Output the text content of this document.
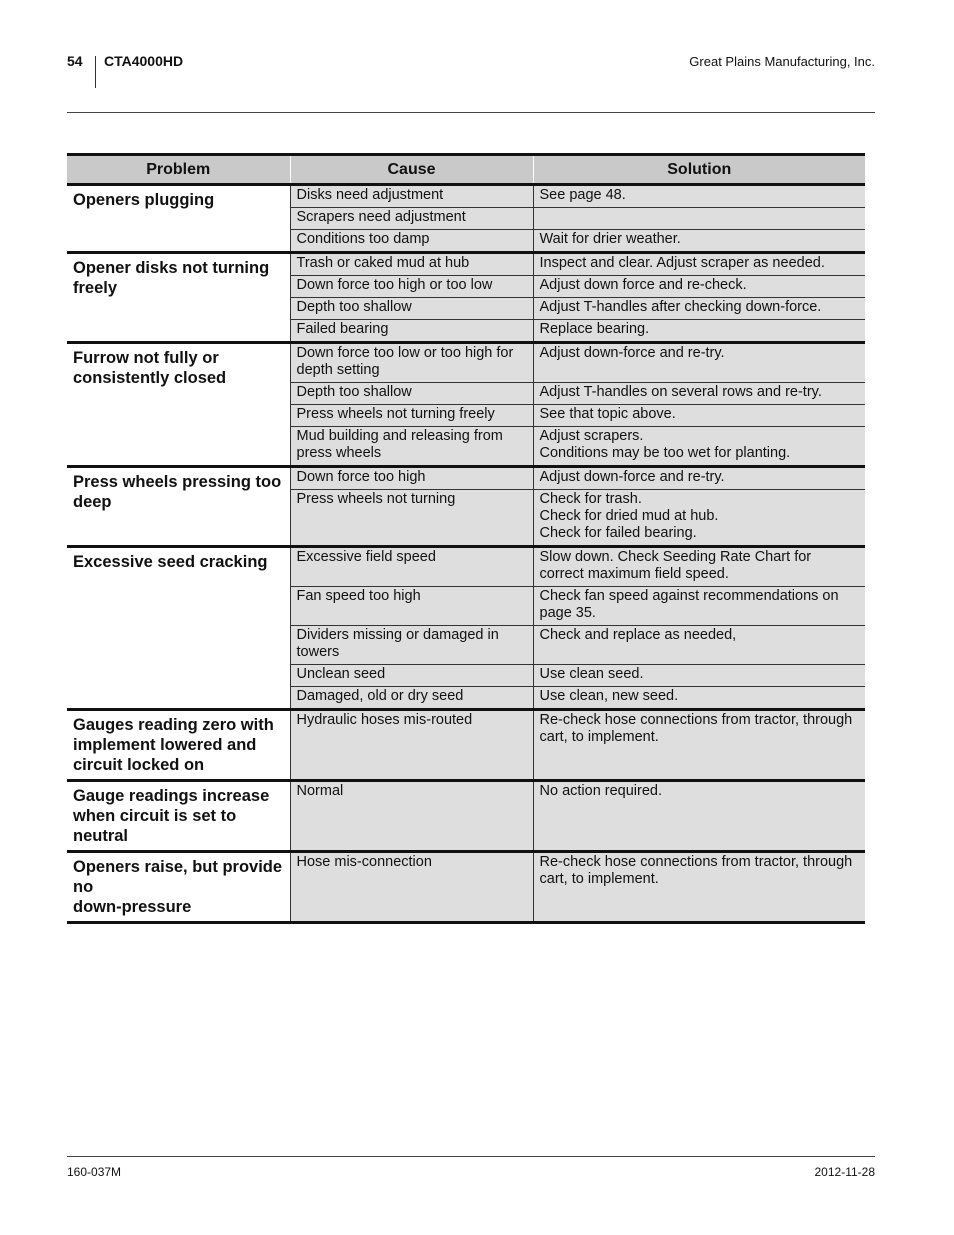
54 CTA4000HD	Great Plains Manufacturing, Inc.
Problem	Cause	Solution
Openers plugging	Disks need adjustment	See page 48.
	Scrapers need adjustment	
	Conditions too damp	Wait for drier weather.
Opener disks not turning freely	Trash or caked mud at hub	Inspect and clear. Adjust scraper as needed.
	Down force too high or too low	Adjust down force and re-check.
	Depth too shallow	Adjust T-handles after checking down-force.
	Failed bearing	Replace bearing.
Furrow not fully or consistently closed	Down force too low or too high for depth setting	Adjust down-force and re-try.
	Depth too shallow	Adjust T-handles on several rows and re-try.
	Press wheels not turning freely	See that topic above.
	Mud building and releasing from press wheels	Adjust scrapers.
Conditions may be too wet for planting.
Press wheels pressing too deep	Down force too high	Adjust down-force and re-try.
	Press wheels not turning	Check for trash.
Check for dried mud at hub.
Check for failed bearing.
Excessive seed cracking	Excessive field speed	Slow down. Check Seeding Rate Chart for correct maximum field speed.
	Fan speed too high	Check fan speed against recommendations on page 35.
	Dividers missing or damaged in towers	Check and replace as needed,
	Unclean seed	Use clean seed.
	Damaged, old or dry seed	Use clean, new seed.
Gauges reading zero with implement lowered and circuit locked on	Hydraulic hoses mis-routed	Re-check hose connections from tractor, through cart, to implement.
Gauge readings increase when circuit is set to neutral	Normal	No action required.
Openers raise, but provide no
down-pressure	Hose mis-connection	Re-check hose connections from tractor, through cart, to implement.
160-037M	2012-11-28
